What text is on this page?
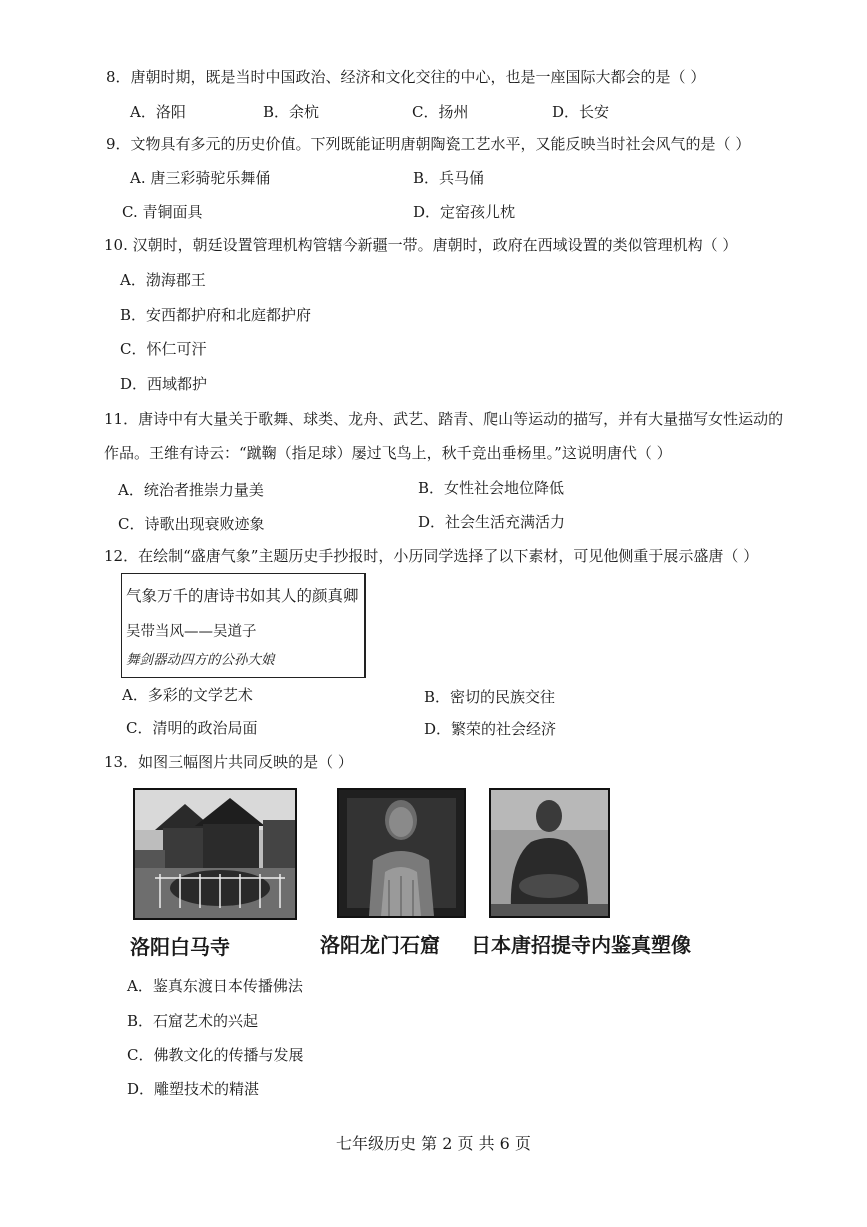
8．唐朝时期，既是当时中国政治、经济和文化交往的中心，也是一座国际大都会的是（ ）
A．洛阳	B．余杭	C．扬州	D．长安
9．文物具有多元的历史价值。下列既能证明唐朝陶瓷工艺水平，又能反映当时社会风气的是（ ）
A. 唐三彩骑驼乐舞俑	B．兵马俑
C. 青铜面具	D．定窑孩儿枕
10. 汉朝时，朝廷设置管理机构管辖今新疆一带。唐朝时，政府在西域设置的类似管理机构（ ）
A．渤海郡王
B．安西都护府和北庭都护府
C．怀仁可汗
D．西域都护
11．唐诗中有大量关于歌舞、球类、龙舟、武艺、踏青、爬山等运动的描写，并有大量描写女性运动的
作品。王维有诗云：“蹴鞠（指足球）屡过飞鸟上，秋千竞出垂杨里。”这说明唐代（ ）
A．统治者推崇力量美	B．女性社会地位降低
C．诗歌出现衰败迹象	D．社会生活充满活力
12．在绘制“盛唐气象”主题历史手抄报时，小历同学选择了以下素材，可见他侧重于展示盛唐（ ）
气象万千的唐诗书如其人的颜真卿
吴带当风——吴道子
舞剑器动四方的公孙大娘
A．多彩的文学艺术	B．密切的民族交往
C．清明的政治局面	D．繁荣的社会经济
13．如图三幅图片共同反映的是（ ）
洛阳白马寺	洛阳龙门石窟 日本唐招提寺内鉴真塑像
A．鉴真东渡日本传播佛法
B．石窟艺术的兴起
C．佛教文化的传播与发展
D．雕塑技术的精湛
七年级历史 第 2 页 共 6 页
